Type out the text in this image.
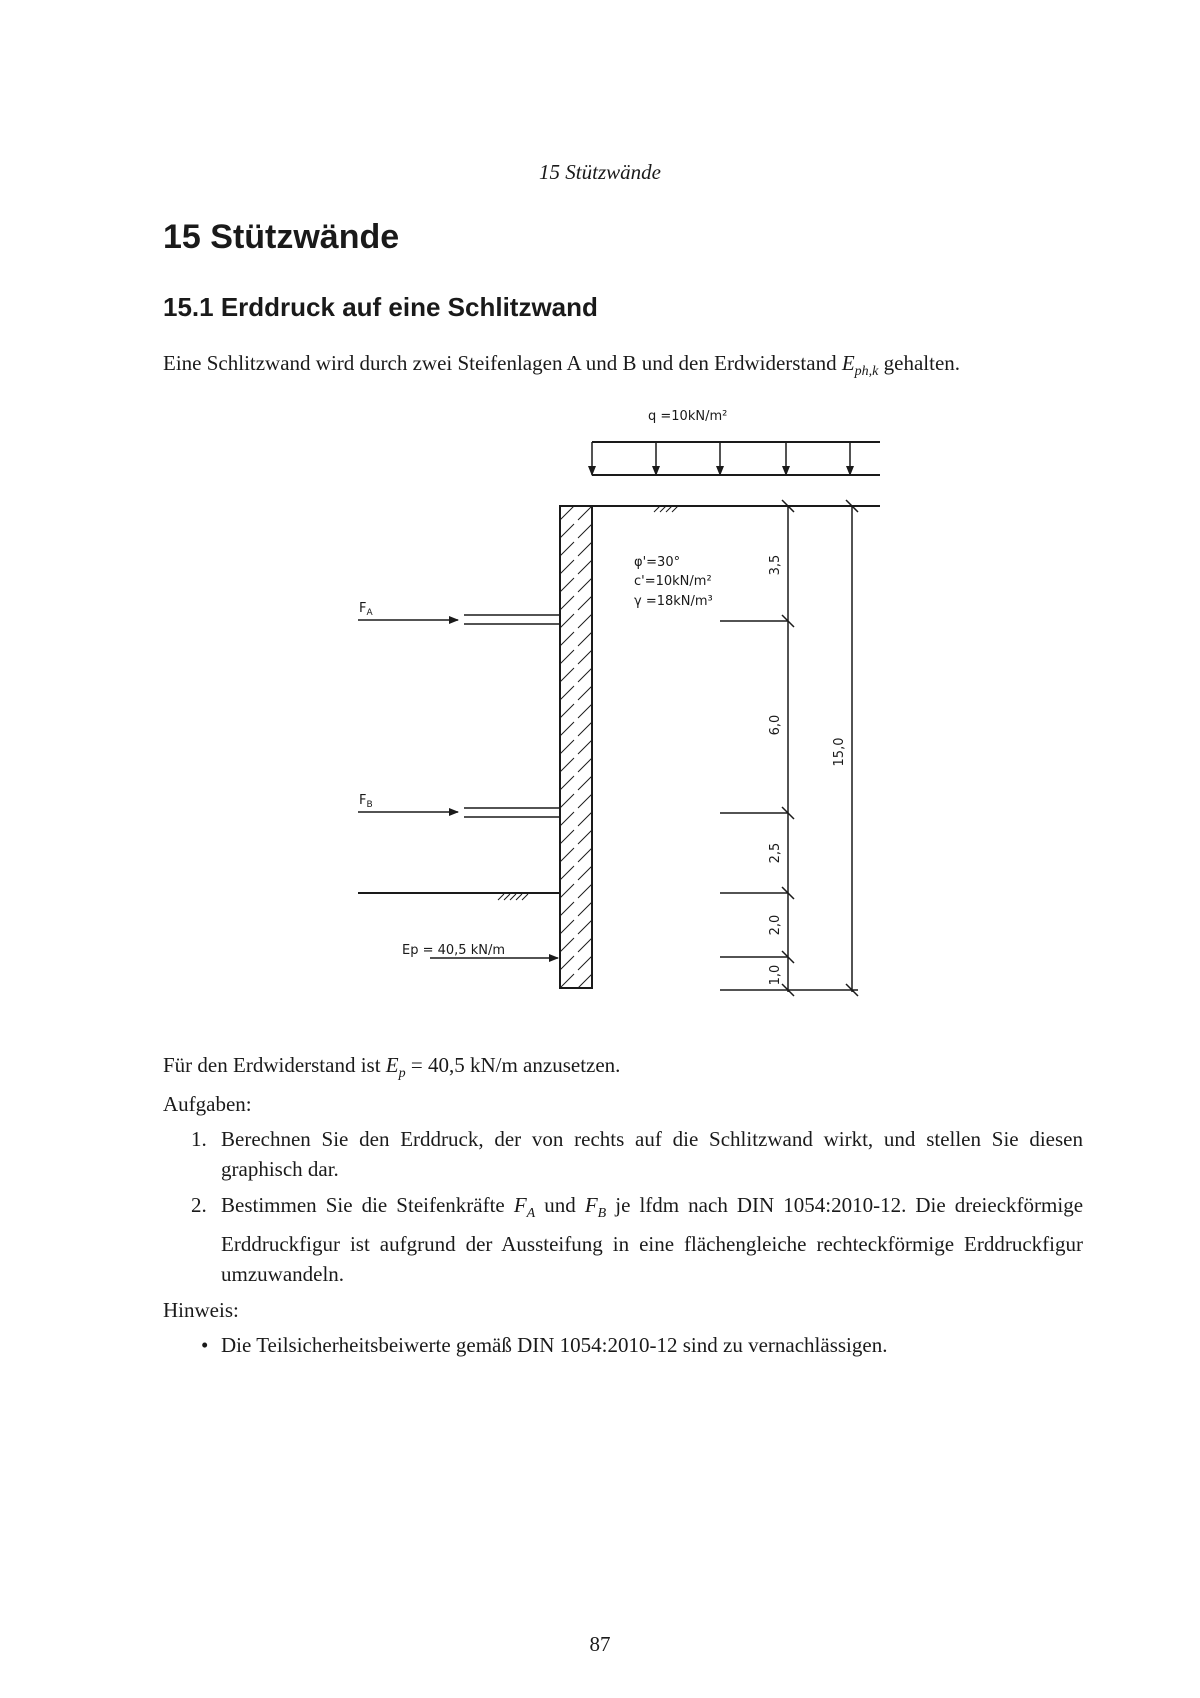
15 Stützwände
15 Stützwände
15.1 Erddruck auf eine Schlitzwand

Eine Schlitzwand wird durch zwei Steifenlagen A und B und den Erdwiderstand $E_{ph,k}$ gehalten.

q =10kN/m²
φ'=30°
c'=10kN/m²
γ =18kN/m³
$F_A$
$F_B$
Ep = 40,5 kN/m
3,5
6,0
2,5
2,0
1,0
15,0

Für den Erdwiderstand ist $E_p = 40,5$ kN/m anzusetzen.

Aufgaben:

1. Berechnen Sie den Erddruck, der von rechts auf die Schlitzwand wirkt, und stellen Sie diesen graphisch dar.
2. Bestimmen Sie die Steifenkräfte $F_A$ und $F_B$ je lfdm nach DIN 1054:2010-12. Die dreieckförmige Erddruckfigur ist aufgrund der Aussteifung in eine flächengleiche rechteckförmige Erddruckfigur umzuwandeln.

Hinweis:

• Die Teilsicherheitsbeiwerte gemäß DIN 1054:2010-12 sind zu vernachlässigen.
87
